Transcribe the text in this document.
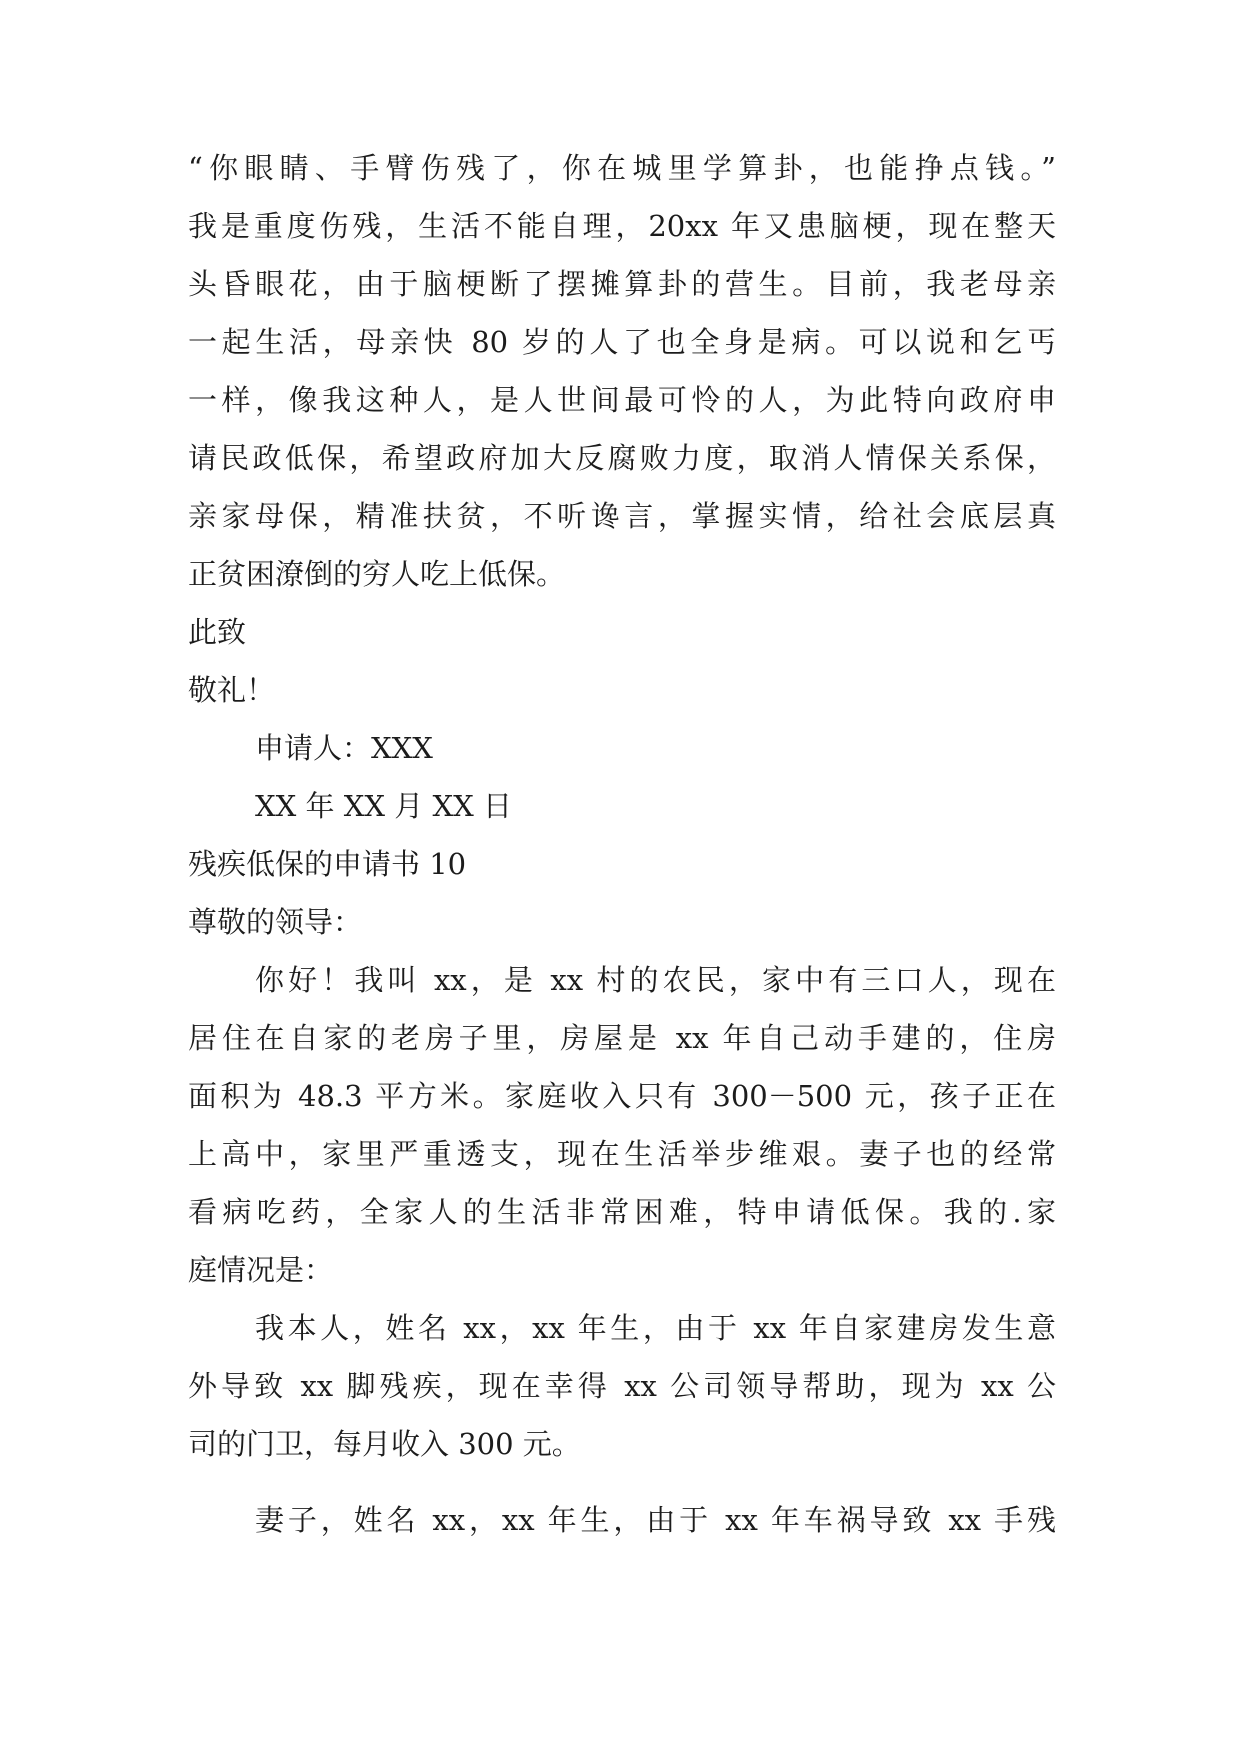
“你眼睛、手臂伤残了，你在城里学算卦，也能挣点钱。”
我是重度伤残，生活不能自理，20xx 年又患脑梗，现在整天
头昏眼花，由于脑梗断了摆摊算卦的营生。目前，我老母亲
一起生活，母亲快 80 岁的人了也全身是病。可以说和乞丐
一样，像我这种人，是人世间最可怜的人，为此特向政府申
请民政低保，希望政府加大反腐败力度，取消人情保关系保，
亲家母保，精准扶贫，不听谗言，掌握实情，给社会底层真
正贫困潦倒的穷人吃上低保。
此致
敬礼！
申请人：XXX
XX 年 XX 月 XX 日
残疾低保的申请书 10
尊敬的领导：
你好！我叫 xx，是 xx 村的农民，家中有三口人，现在
居住在自家的老房子里，房屋是 xx 年自己动手建的，住房
面积为 48.3 平方米。家庭收入只有 300－500 元，孩子正在
上高中，家里严重透支，现在生活举步维艰。妻子也的经常
看病吃药，全家人的生活非常困难，特申请低保。我的.家
庭情况是：
我本人，姓名 xx，xx 年生，由于 xx 年自家建房发生意
外导致 xx 脚残疾，现在幸得 xx 公司领导帮助，现为 xx 公
司的门卫，每月收入 300 元。
妻子，姓名 xx，xx 年生，由于 xx 年车祸导致 xx 手残
